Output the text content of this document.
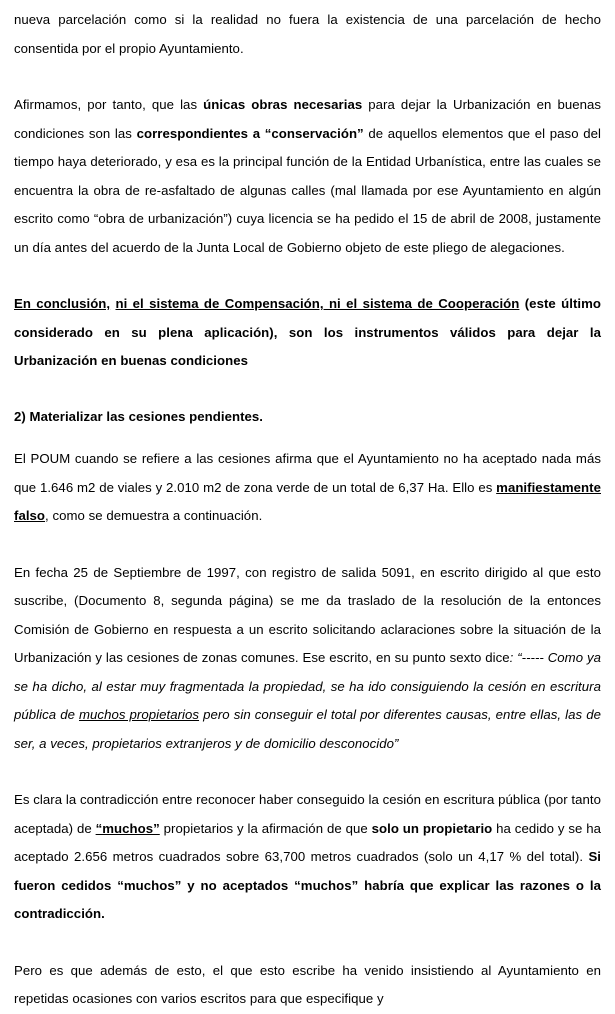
nueva parcelación como si la realidad no fuera la existencia de una parcelación de hecho consentida por el propio Ayuntamiento.

Afirmamos, por tanto, que las únicas obras necesarias para dejar la Urbanización en buenas condiciones son las correspondientes a “conservación” de aquellos elementos que el paso del tiempo haya deteriorado, y esa es la principal función de la Entidad Urbanística, entre las cuales se encuentra la obra de re-asfaltado de algunas calles (mal llamada por ese Ayuntamiento en algún escrito como “obra de urbanización”) cuya licencia se ha pedido el 15 de abril de 2008, justamente un día antes del acuerdo de la Junta Local de Gobierno objeto de este pliego de alegaciones.

En conclusión, ni el sistema de Compensación, ni el sistema de Cooperación (este último considerado en su plena aplicación), son los instrumentos válidos para dejar la Urbanización en buenas condiciones

2) Materializar las cesiones pendientes.

El POUM cuando se refiere a las cesiones afirma que el Ayuntamiento no ha aceptado nada más que 1.646 m2 de viales y 2.010 m2 de zona verde de un total de 6,37 Ha. Ello es manifiestamente falso, como se demuestra a continuación.

En fecha 25 de Septiembre de 1997, con registro de salida 5091, en escrito dirigido al que esto suscribe, (Documento 8, segunda página) se me da traslado de la resolución de la entonces Comisión de Gobierno en respuesta a un escrito solicitando aclaraciones sobre la situación de la Urbanización y las cesiones de zonas comunes. Ese escrito, en su punto sexto dice: “----- Como ya se ha dicho, al estar muy fragmentada la propiedad, se ha ido consiguiendo la cesión en escritura pública de muchos propietarios pero sin conseguir el total por diferentes causas, entre ellas, las de ser, a veces, propietarios extranjeros y de domicilio desconocido”

Es clara la contradicción entre reconocer haber conseguido la cesión en escritura pública (por tanto aceptada) de “muchos” propietarios y la afirmación de que solo un propietario ha cedido y se ha aceptado 2.656 metros cuadrados sobre 63,700 metros cuadrados (solo un 4,17 % del total). Si fueron cedidos “muchos” y no aceptados “muchos” habría que explicar las razones o la contradicción.

Pero es que además de esto, el que esto escribe ha venido insistiendo al Ayuntamiento en repetidas ocasiones con varios escritos para que especifique y
